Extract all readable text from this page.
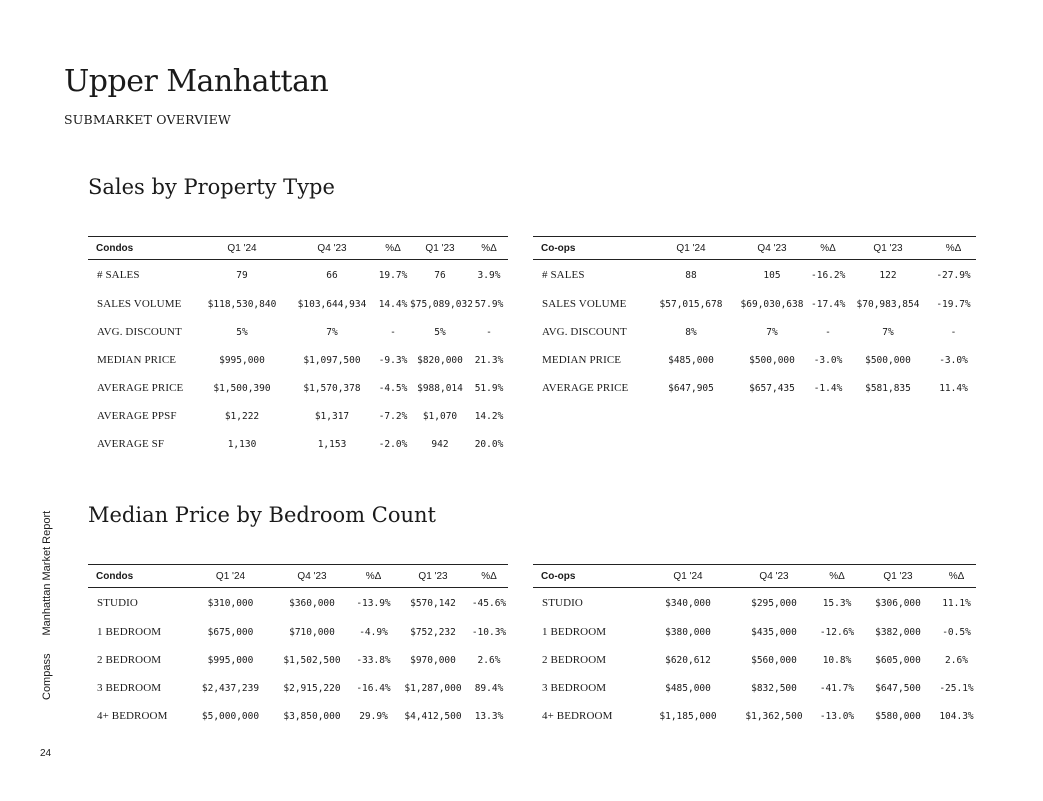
Upper Manhattan
SUBMARKET OVERVIEW
Sales by Property Type
Condos	Q1 '24	Q4 '23	%Δ	Q1 '23	%Δ
# SALES	79	66	19.7%	76	3.9%
SALES VOLUME	$118,530,840	$103,644,934	14.4%	$75,089,032	57.9%
AVG. DISCOUNT	5%	7%	-	5%	-
MEDIAN PRICE	$995,000	$1,097,500	-9.3%	$820,000	21.3%
AVERAGE PRICE	$1,500,390	$1,570,378	-4.5%	$988,014	51.9%
AVERAGE PPSF	$1,222	$1,317	-7.2%	$1,070	14.2%
AVERAGE SF	1,130	1,153	-2.0%	942	20.0%
Co-ops	Q1 '24	Q4 '23	%Δ	Q1 '23	%Δ
# SALES	88	105	-16.2%	122	-27.9%
SALES VOLUME	$57,015,678	$69,030,638	-17.4%	$70,983,854	-19.7%
AVG. DISCOUNT	8%	7%	-	7%	-
MEDIAN PRICE	$485,000	$500,000	-3.0%	$500,000	-3.0%
AVERAGE PRICE	$647,905	$657,435	-1.4%	$581,835	11.4%
Median Price by Bedroom Count
Condos	Q1 '24	Q4 '23	%Δ	Q1 '23	%Δ
STUDIO	$310,000	$360,000	-13.9%	$570,142	-45.6%
1 BEDROOM	$675,000	$710,000	-4.9%	$752,232	-10.3%
2 BEDROOM	$995,000	$1,502,500	-33.8%	$970,000	2.6%
3 BEDROOM	$2,437,239	$2,915,220	-16.4%	$1,287,000	89.4%
4+ BEDROOM	$5,000,000	$3,850,000	29.9%	$4,412,500	13.3%
Co-ops	Q1 '24	Q4 '23	%Δ	Q1 '23	%Δ
STUDIO	$340,000	$295,000	15.3%	$306,000	11.1%
1 BEDROOM	$380,000	$435,000	-12.6%	$382,000	-0.5%
2 BEDROOM	$620,612	$560,000	10.8%	$605,000	2.6%
3 BEDROOM	$485,000	$832,500	-41.7%	$647,500	-25.1%
4+ BEDROOM	$1,185,000	$1,362,500	-13.0%	$580,000	104.3%
CompassManhattan Market Report
24
